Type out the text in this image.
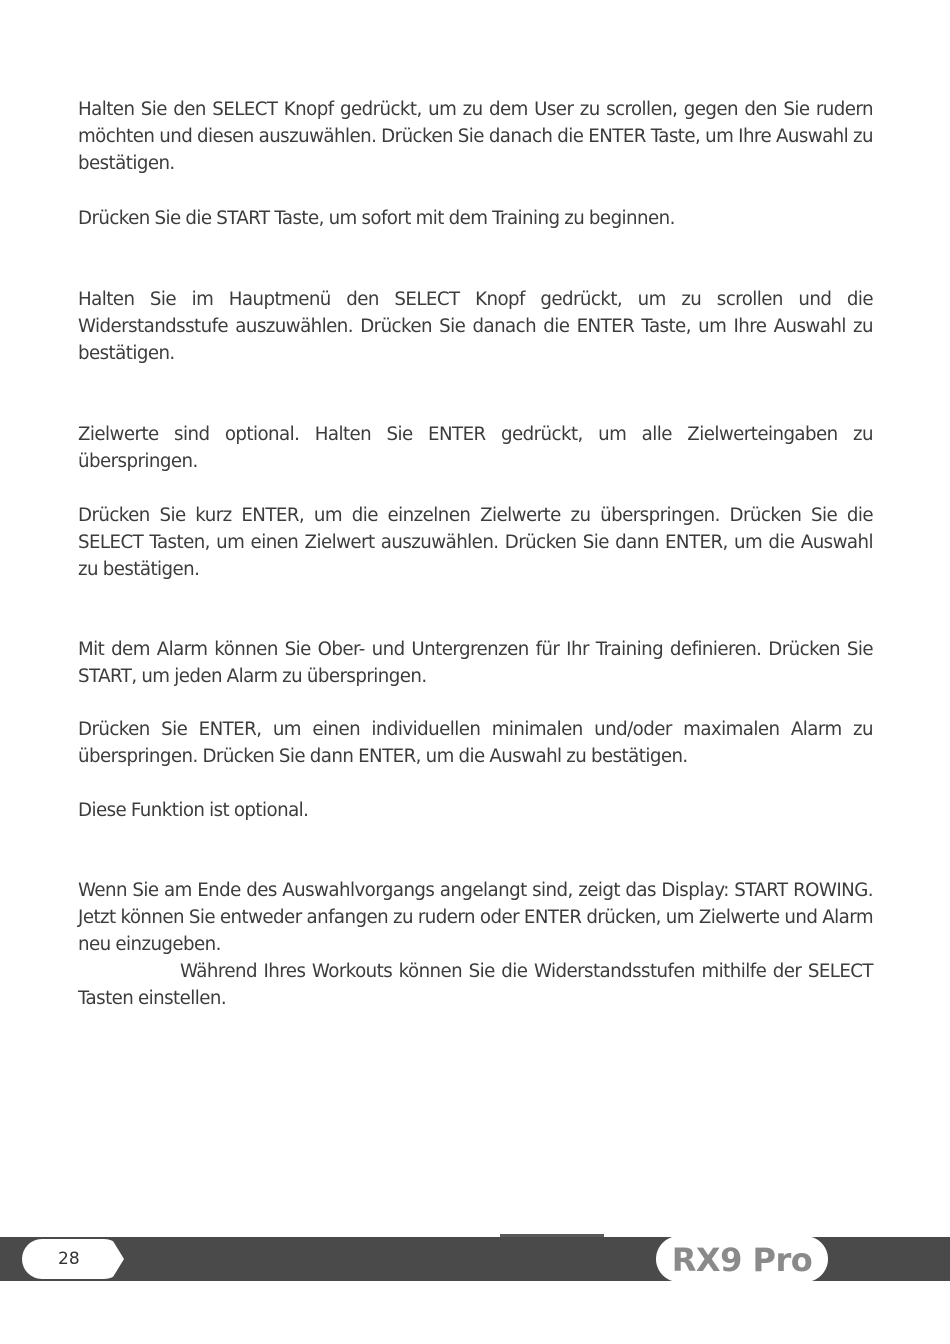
Halten Sie den SELECT Knopf gedrückt, um zu dem User zu scrollen, gegen den Sie rudern möchten und diesen auszuwählen. Drücken Sie danach die ENTER Taste, um Ihre Auswahl zu bestätigen.

Drücken Sie die START Taste, um sofort mit dem Training zu beginnen.

Halten Sie im Hauptmenü den SELECT Knopf gedrückt, um zu scrollen und die Widerstandsstufe auszuwählen. Drücken Sie danach die ENTER Taste, um Ihre Auswahl zu bestätigen.

Zielwerte sind optional. Halten Sie ENTER gedrückt, um alle Zielwerteingaben zu überspringen.

Drücken Sie kurz ENTER, um die einzelnen Zielwerte zu überspringen. Drücken Sie die SELECT Tasten, um einen Zielwert auszuwählen. Drücken Sie dann ENTER, um die Auswahl zu bestätigen.

Mit dem Alarm können Sie Ober- und Untergrenzen für Ihr Training definieren. Drücken Sie START, um jeden Alarm zu überspringen.

Drücken Sie ENTER, um einen individuellen minimalen und/oder maximalen Alarm zu überspringen. Drücken Sie dann ENTER, um die Auswahl zu bestätigen.

Diese Funktion ist optional.

Wenn Sie am Ende des Auswahlvorgangs angelangt sind, zeigt das Display: START ROWING. Jetzt können Sie entweder anfangen zu rudern oder ENTER drücken, um Zielwerte und Alarm neu einzugeben.

Während Ihres Workouts können Sie die Widerstandsstufen mithilfe der SELECT Tasten einstellen.

28	RX9 Pro
